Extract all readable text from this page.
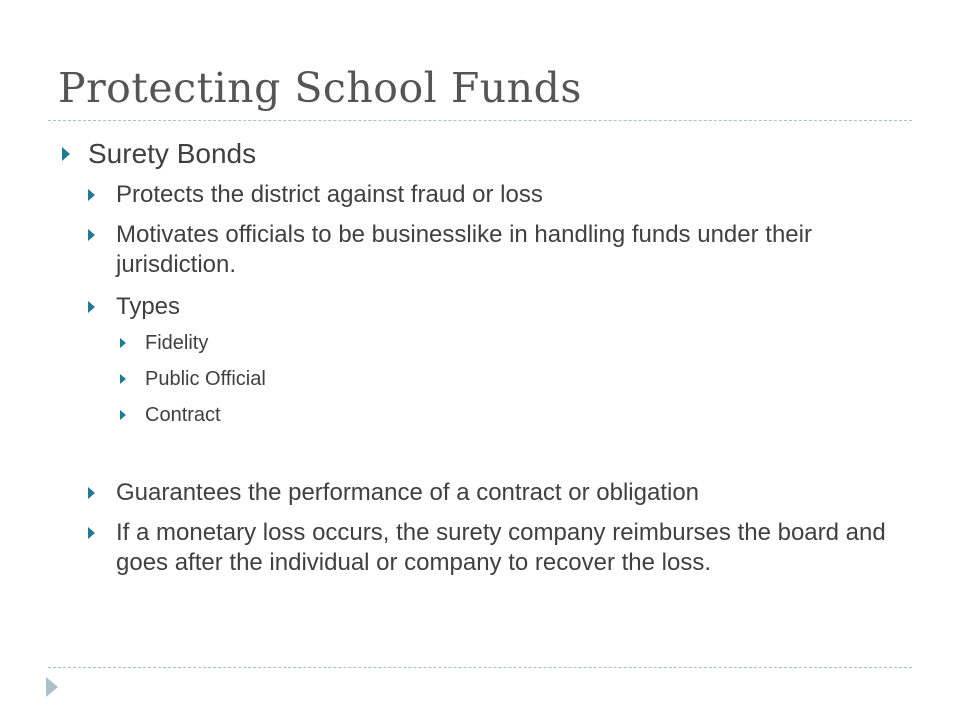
Protecting School Funds

Surety Bonds

Protects the district against fraud or loss

Motivates officials to be businesslike in handling funds under their jurisdiction.

Types

Fidelity

Public Official

Contract

Guarantees the performance of a contract or obligation

If a monetary loss occurs, the surety company reimburses the board and goes after the individual or company to recover the loss.
